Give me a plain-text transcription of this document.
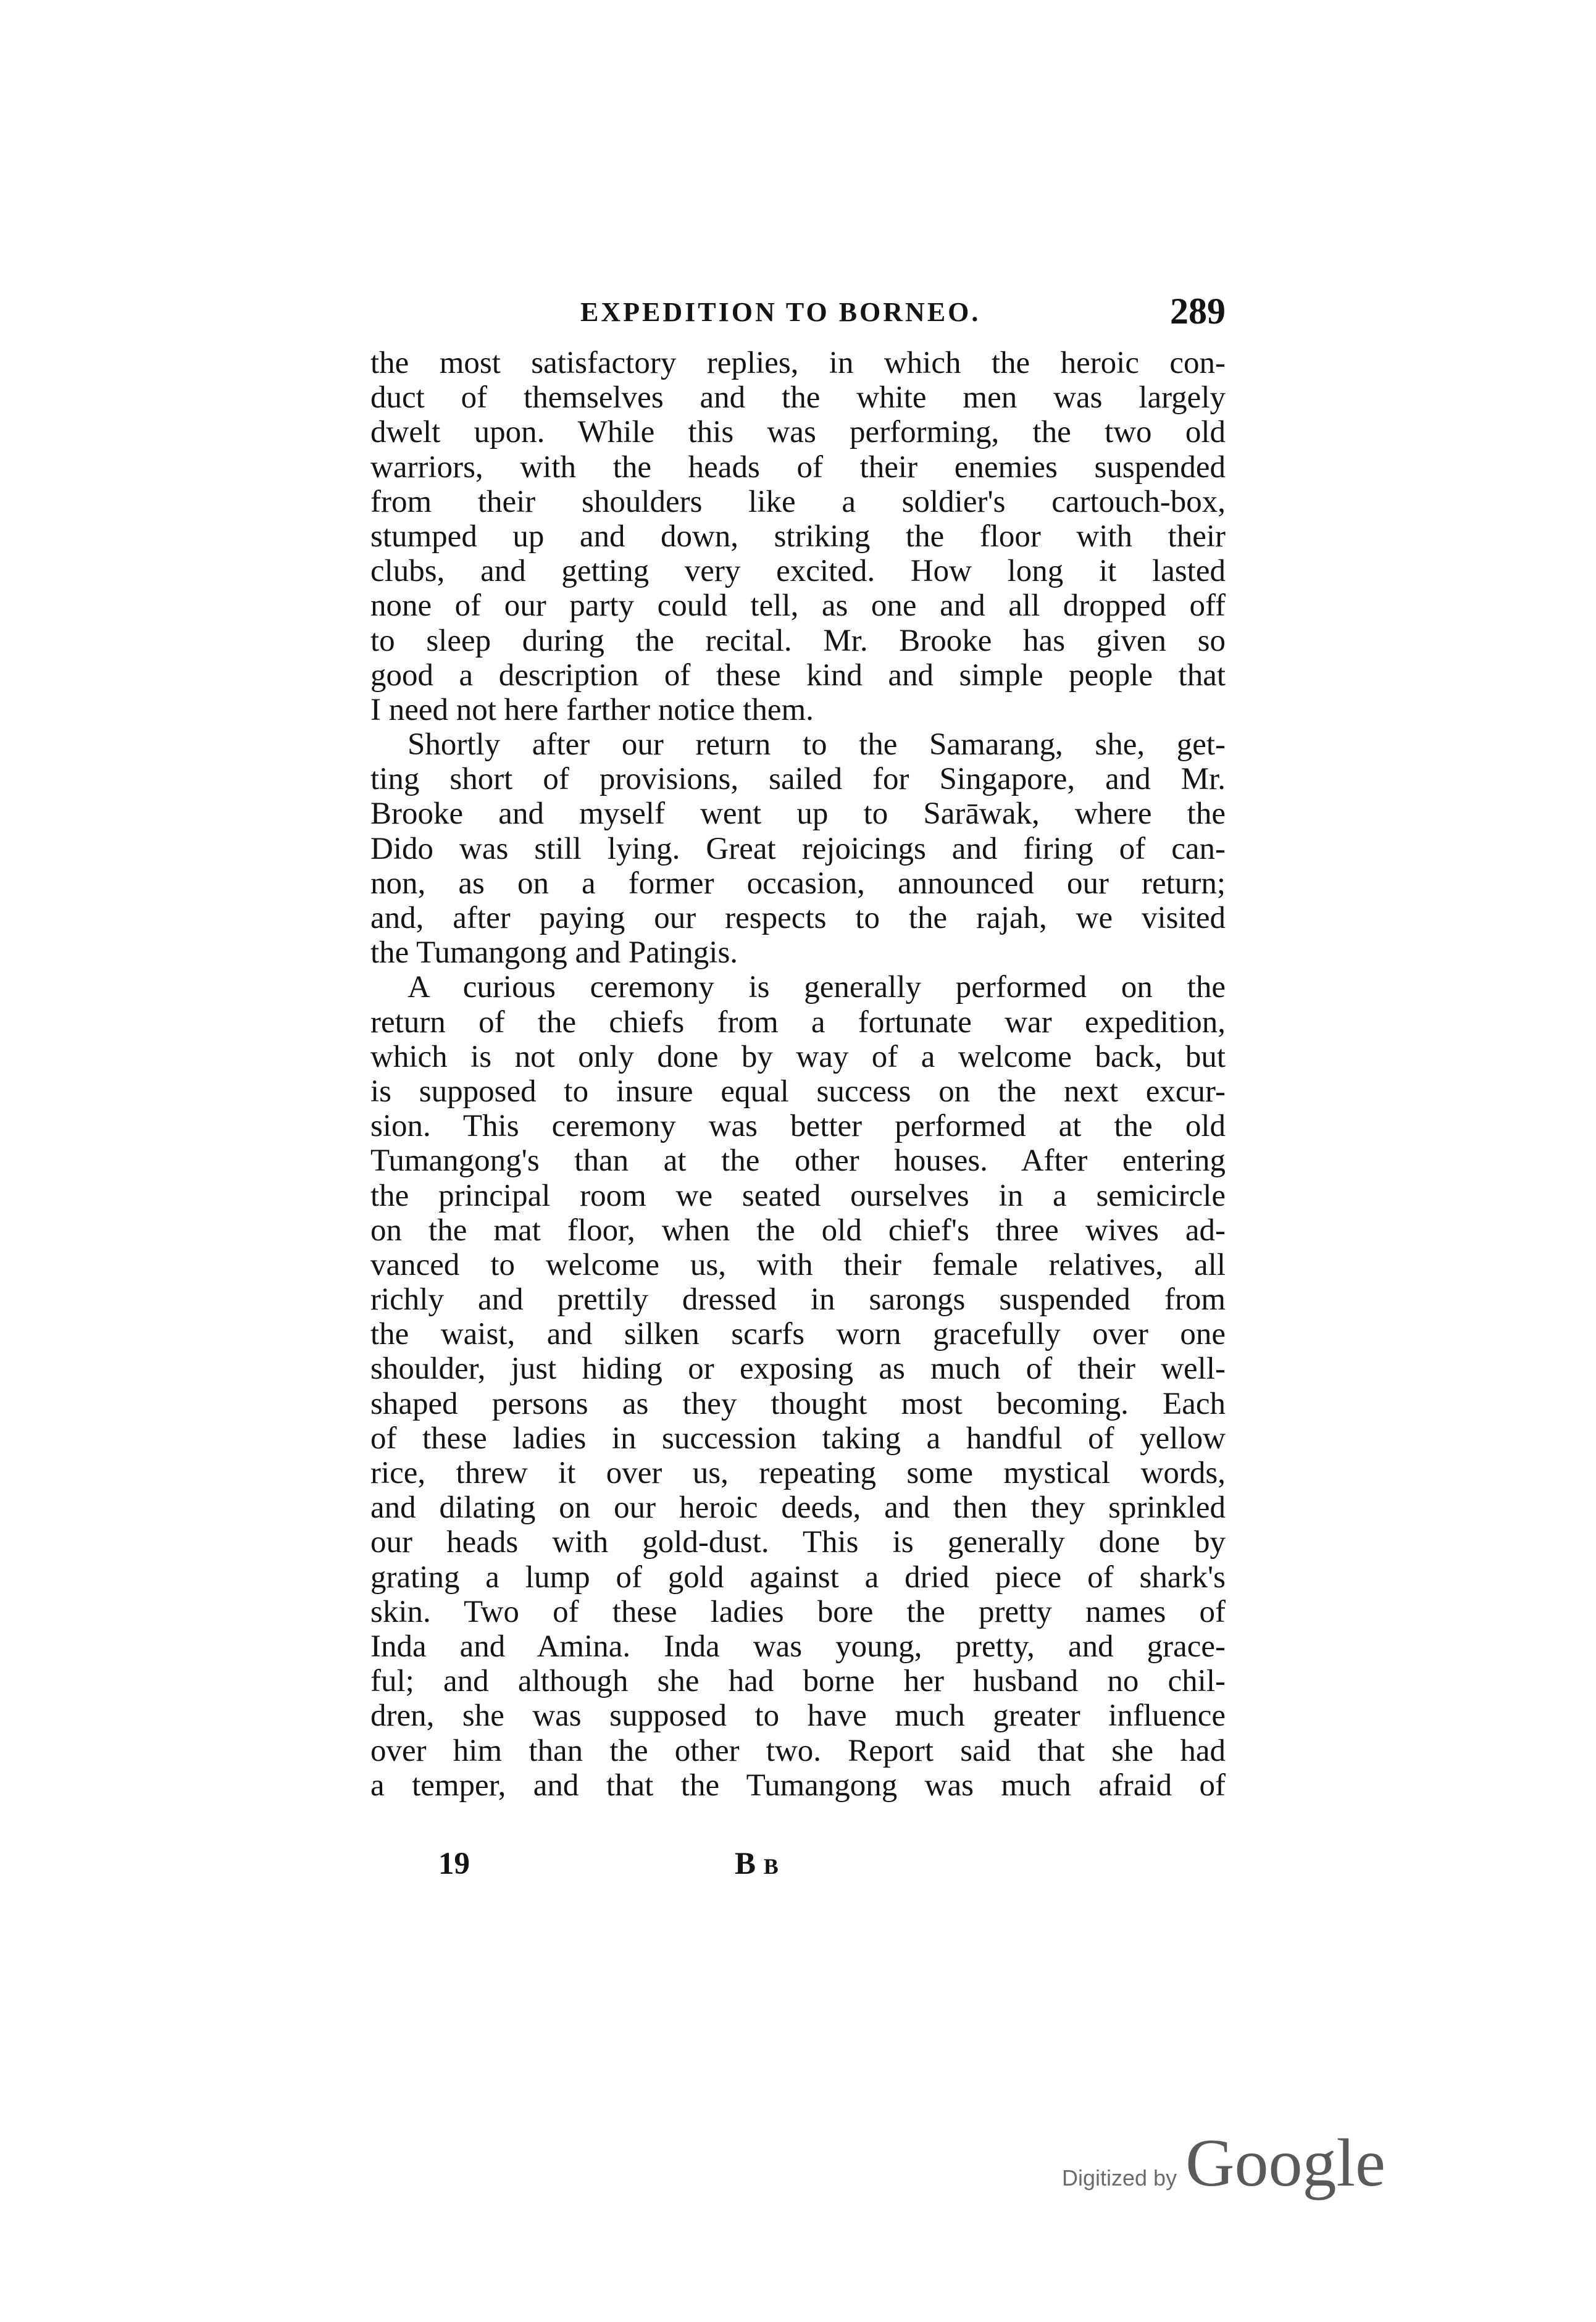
EXPEDITION TO BORNEO.	289
the most satisfactory replies, in which the heroic con-
duct of themselves and the white men was largely
dwelt upon. While this was performing, the two old
warriors, with the heads of their enemies suspended
from their shoulders like a soldier's cartouch-box,
stumped up and down, striking the floor with their
clubs, and getting very excited. How long it lasted
none of our party could tell, as one and all dropped off
to sleep during the recital. Mr. Brooke has given so
good a description of these kind and simple people that
I need not here farther notice them.
Shortly after our return to the Samarang, she, get-
ting short of provisions, sailed for Singapore, and Mr.
Brooke and myself went up to Sarāwak, where the
Dido was still lying. Great rejoicings and firing of can-
non, as on a former occasion, announced our return;
and, after paying our respects to the rajah, we visited
the Tumangong and Patingis.
A curious ceremony is generally performed on the
return of the chiefs from a fortunate war expedition,
which is not only done by way of a welcome back, but
is supposed to insure equal success on the next excur-
sion. This ceremony was better performed at the old
Tumangong's than at the other houses. After entering
the principal room we seated ourselves in a semicircle
on the mat floor, when the old chief's three wives ad-
vanced to welcome us, with their female relatives, all
richly and prettily dressed in sarongs suspended from
the waist, and silken scarfs worn gracefully over one
shoulder, just hiding or exposing as much of their well-
shaped persons as they thought most becoming. Each
of these ladies in succession taking a handful of yellow
rice, threw it over us, repeating some mystical words,
and dilating on our heroic deeds, and then they sprinkled
our heads with gold-dust. This is generally done by
grating a lump of gold against a dried piece of shark's
skin. Two of these ladies bore the pretty names of
Inda and Amina. Inda was young, pretty, and grace-
ful; and although she had borne her husband no chil-
dren, she was supposed to have much greater influence
over him than the other two. Report said that she had
a temper, and that the Tumangong was much afraid of
19	B b
Digitized by Google
